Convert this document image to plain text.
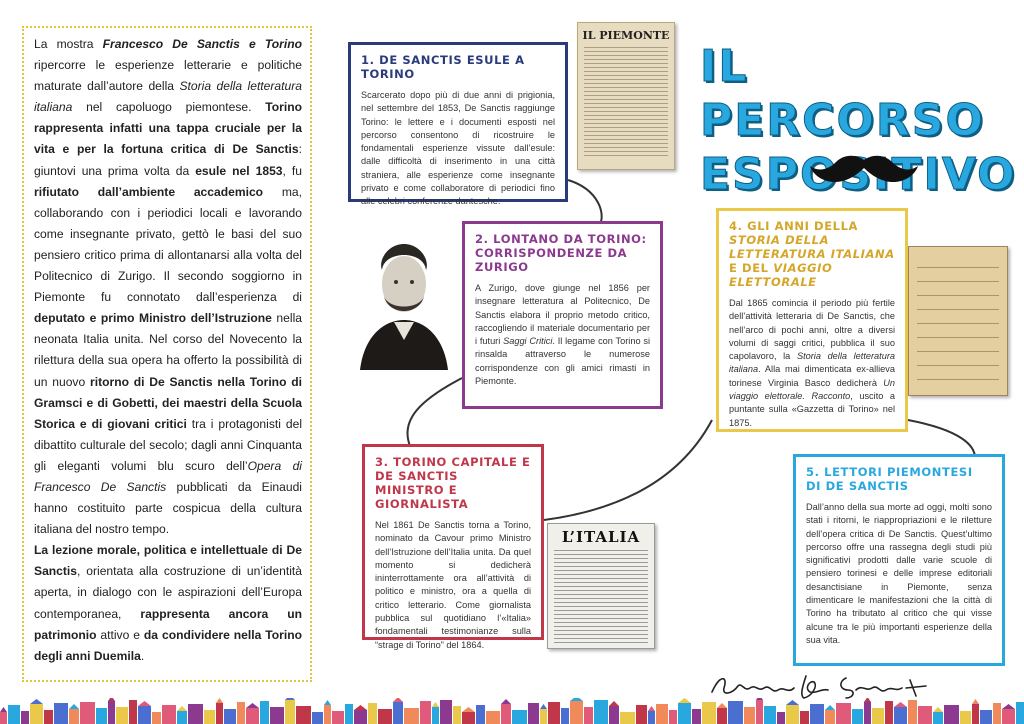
La mostra Francesco De Sanctis e Torino ripercorre le esperienze letterarie e politiche maturate dall’autore della Storia della letteratura italiana nel capoluogo piemontese. Torino rappresenta infatti una tappa cruciale per la vita e per la fortuna critica di De Sanctis: giuntovi una prima volta da esule nel 1853, fu rifiutato dall’ambiente accademico ma, collaborando con i periodici locali e lavorando come insegnante privato, gettò le basi del suo pensiero critico prima di allontanarsi alla volta del Politecnico di Zurigo. Il secondo soggiorno in Piemonte fu connotato dall’esperienza di deputato e primo Ministro dell’Istruzione nella neonata Italia unita. Nel corso del Novecento la rilettura della sua opera ha offerto la possibilità di un nuovo ritorno di De Sanctis nella Torino di Gramsci e di Gobetti, dei maestri della Scuola Storica e di giovani critici tra i protagonisti del dibattito culturale del secolo; dagli anni Cinquanta gli eleganti volumi blu scuro dell’Opera di Francesco De Sanctis pubblicati da Einaudi hanno costituito parte cospicua della cultura italiana del nostro tempo.

La lezione morale, politica e intellettuale di De Sanctis, orientata alla costruzione di un’identità aperta, in dialogo con le aspirazioni dell’Europa contemporanea, rappresenta ancora un patrimonio attivo e da condividere nella Torino degli anni Duemila.

IL PERCORSO
ESPOSITIVO
IL PIEMONTE
1. DE SANCTIS ESULE A TORINO

Scarcerato dopo più di due anni di prigionia, nel settembre del 1853, De Sanctis raggiunge Torino: le lettere e i documenti esposti nel percorso consentono di ricostruire le fondamentali esperienze vissute dall’esule: dalle difficoltà di inserimento in una città straniera, alle esperienze come insegnante privato e come collaboratore di periodici fino alle celebri conferenze dantesche.

2. LONTANO DA TORINO: CORRISPONDENZE DA ZURIGO

A Zurigo, dove giunge nel 1856 per insegnare letteratura al Politecnico, De Sanctis elabora il proprio metodo critico, raccogliendo il materiale documentario per i futuri Saggi Critici. Il legame con Torino si rinsalda attraverso le numerose corrispondenze con gli amici rimasti in Piemonte.

3. TORINO CAPITALE E DE SANCTIS MINISTRO E GIORNALISTA

Nel 1861 De Sanctis torna a Torino, nominato da Cavour primo Ministro dell’Istruzione dell’Italia unita. Da quel momento si dedicherà ininterrottamente ora all’attività di politico e ministro, ora a quella di critico letterario. Come giornalista pubblica sul quotidiano l’«Italia» fondamentali testimonianze sulla “strage di Torino” del 1864.

L’ITALIA
4. GLI ANNI DELLA STORIA DELLA LETTERATURA ITALIANA E DEL VIAGGIO ELETTORALE

Dal 1865 comincia il periodo più fertile dell’attività letteraria di De Sanctis, che nell’arco di pochi anni, oltre a diversi volumi di saggi critici, pubblica il suo capolavoro, la Storia della letteratura italiana. Alla mai dimenticata ex-allieva torinese Virginia Basco dedicherà Un viaggio elettorale. Racconto, uscito a puntante sulla «Gazzetta di Torino» nel 1875.

5. LETTORI PIEMONTESI DI DE SANCTIS

Dall’anno della sua morte ad oggi, molti sono stati i ritorni, le riappropriazioni e le riletture dell’opera critica di De Sanctis. Quest’ultimo percorso offre una rassegna degli studi più significativi prodotti dalle varie scuole di pensiero torinesi e delle imprese editoriali desanctisiane in Piemonte, senza dimenticare le manifestazioni che la città di Torino ha tributato al critico che qui visse alcune tra le più importanti esperienze della sua vita.
